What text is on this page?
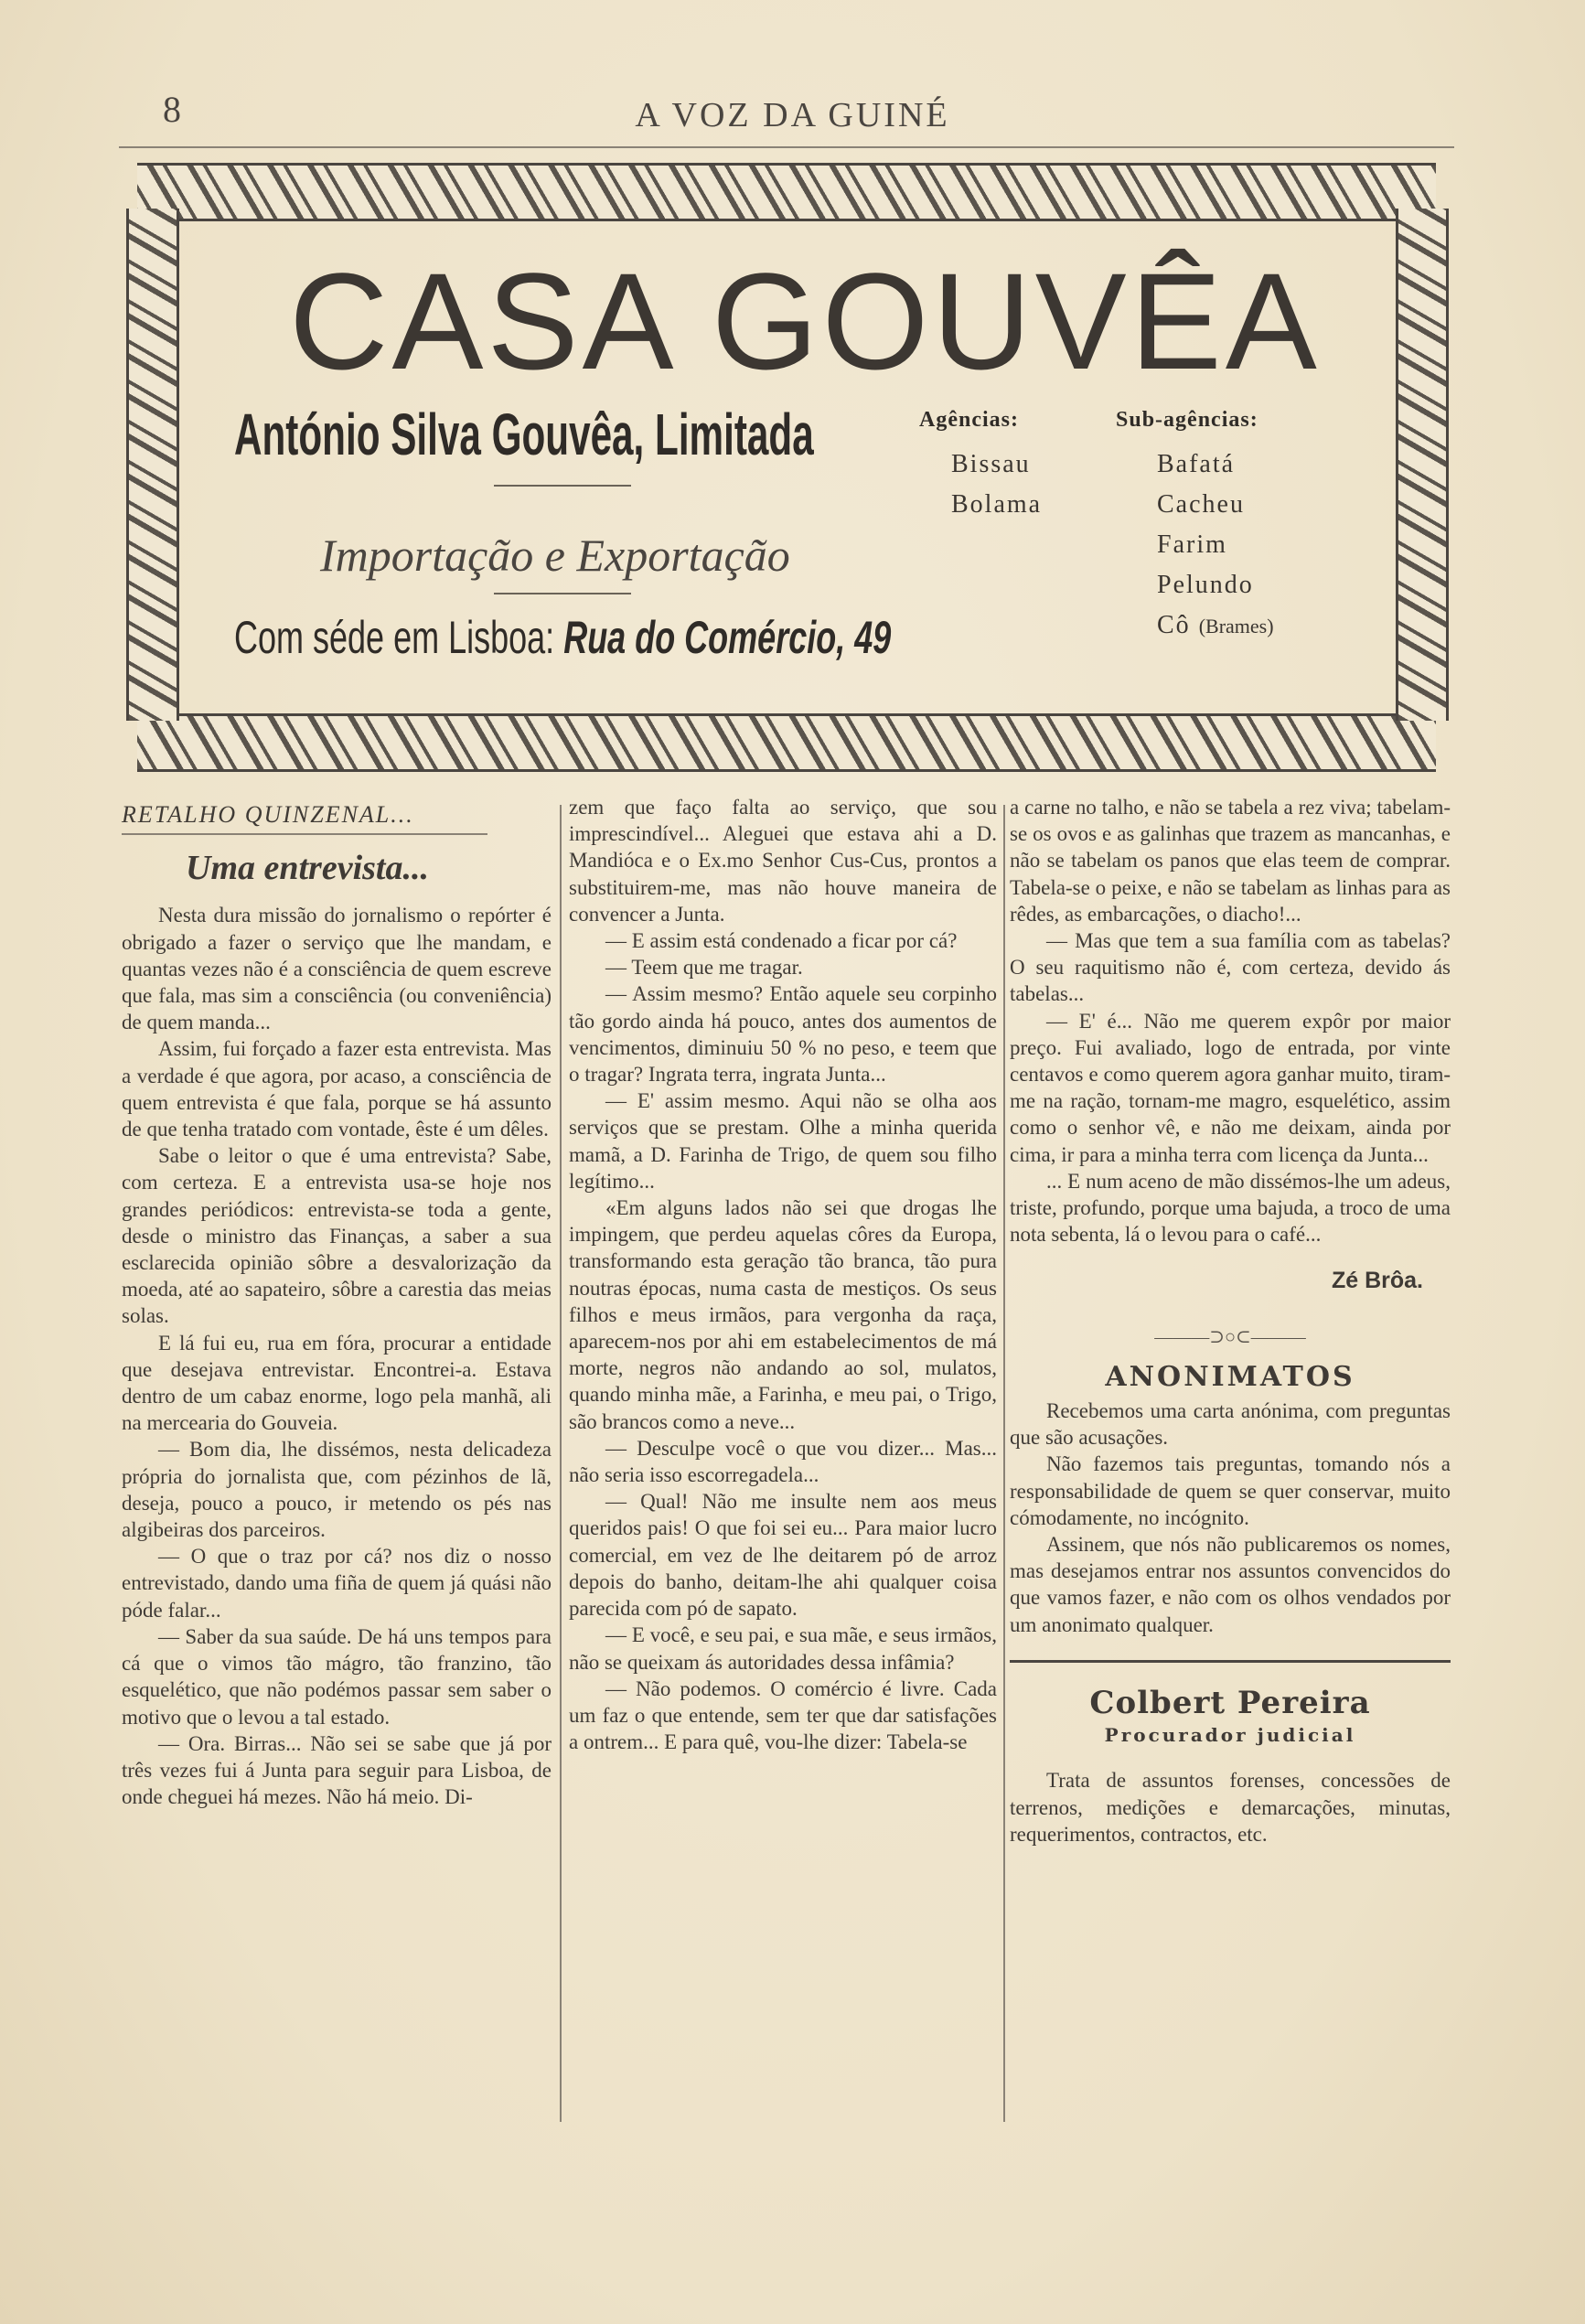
8	A VOZ DA GUINÉ
CASA GOUVÊA
António Silva Gouvêa, Limitada
Importação e Exportação
Com séde em Lisboa: Rua do Comércio, 49
Agências:
Bissau
Bolama
Sub-agências:
Bafatá
Cacheu
Farim
Pelundo
Cô (Brames)
RETALHO QUINZENAL...
Uma entrevista...

Nesta dura missão do jornalismo o repórter é obrigado a fazer o serviço que lhe mandam, e quantas vezes não é a consciência de quem escreve que fala, mas sim a consciência (ou conveniência) de quem manda...

Assim, fui forçado a fazer esta entrevista. Mas a verdade é que agora, por acaso, a consciência de quem entrevista é que fala, porque se há assunto de que tenha tratado com vontade, êste é um dêles.

Sabe o leitor o que é uma entrevista? Sabe, com certeza. E a entrevista usa-se hoje nos grandes periódicos: entrevista-se toda a gente, desde o ministro das Finanças, a saber a sua esclarecida opinião sôbre a desvalorização da moeda, até ao sapateiro, sôbre a carestia das meias solas.

E lá fui eu, rua em fóra, procurar a entidade que desejava entrevistar. Encontrei-a. Estava dentro de um cabaz enorme, logo pela manhã, ali na mercearia do Gouveia.

— Bom dia, lhe dissémos, nesta delicadeza própria do jornalista que, com pézinhos de lã, deseja, pouco a pouco, ir metendo os pés nas algibeiras dos parceiros.

— O que o traz por cá? nos diz o nosso entrevistado, dando uma fiña de quem já quási não póde falar...

— Saber da sua saúde. De há uns tempos para cá que o vimos tão mágro, tão franzino, tão esquelético, que não podémos passar sem saber o motivo que o levou a tal estado.

— Ora. Birras... Não sei se sabe que já por três vezes fui á Junta para seguir para Lisboa, de onde cheguei há mezes. Não há meio. Di-

zem que faço falta ao serviço, que sou imprescindível... Aleguei que estava ahi a D. Mandióca e o Ex.mo Senhor Cus-Cus, prontos a substituirem-me, mas não houve maneira de convencer a Junta.

— E assim está condenado a ficar por cá?

— Teem que me tragar.

— Assim mesmo? Então aquele seu corpinho tão gordo ainda há pouco, antes dos aumentos de vencimentos, diminuiu 50 % no peso, e teem que o tragar? Ingrata terra, ingrata Junta...

— E' assim mesmo. Aqui não se olha aos serviços que se prestam. Olhe a minha querida mamã, a D. Farinha de Trigo, de quem sou filho legítimo...

«Em alguns lados não sei que drogas lhe impingem, que perdeu aquelas côres da Europa, transformando esta geração tão branca, tão pura noutras épocas, numa casta de mestiços. Os seus filhos e meus irmãos, para vergonha da raça, aparecem-nos por ahi em estabelecimentos de má morte, negros não andando ao sol, mulatos, quando minha mãe, a Farinha, e meu pai, o Trigo, são brancos como a neve...

— Desculpe você o que vou dizer... Mas... não seria isso escorregadela...

— Qual! Não me insulte nem aos meus queridos pais! O que foi sei eu... Para maior lucro comercial, em vez de lhe deitarem pó de arroz depois do banho, deitam-lhe ahi qualquer coisa parecida com pó de sapato.

— E você, e seu pai, e sua mãe, e seus irmãos, não se queixam ás autoridades dessa infâmia?

— Não podemos. O comércio é livre. Cada um faz o que entende, sem ter que dar satisfações a ontrem... E para quê, vou-lhe dizer: Tabela-se

a carne no talho, e não se tabela a rez viva; tabelam-se os ovos e as galinhas que trazem as mancanhas, e não se tabelam os panos que elas teem de comprar. Tabela-se o peixe, e não se tabelam as linhas para as rêdes, as embarcações, o diacho!...

— Mas que tem a sua família com as tabelas? O seu raquitismo não é, com certeza, devido ás tabelas...

— E' é... Não me querem expôr por maior preço. Fui avaliado, logo de entrada, por vinte centavos e como querem agora ganhar muito, tiram-me na ração, tornam-me magro, esquelético, assim como o senhor vê, e não me deixam, ainda por cima, ir para a minha terra com licença da Junta...

... E num aceno de mão dissémos-lhe um adeus, triste, profundo, porque uma bajuda, a troco de uma nota sebenta, lá o levou para o café...

Zé Brôa.
———⊃○⊂———
ANONIMATOS

Recebemos uma carta anónima, com preguntas que são acusações.

Não fazemos tais preguntas, tomando nós a responsabilidade de quem se quer conservar, muito cómodamente, no incógnito.

Assinem, que nós não publicaremos os nomes, mas desejamos entrar nos assuntos convencidos do que vamos fazer, e não com os olhos vendados por um anonimato qualquer.

Colbert Pereira
Procurador judicial

Trata de assuntos forenses, concessões de terrenos, medições e demarcações, minutas, requerimentos, contractos, etc.
